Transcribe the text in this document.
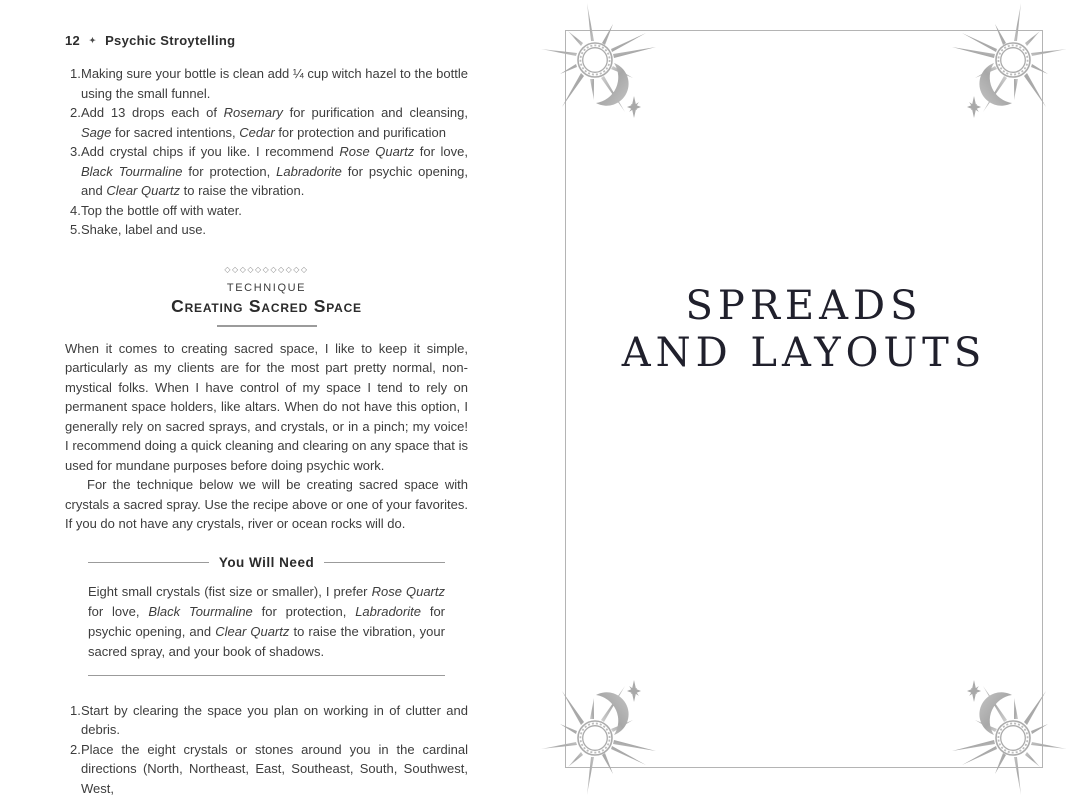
12 ✦ Psychic Stroytelling
1. Making sure your bottle is clean add ¼ cup witch hazel to the bottle using the small funnel.
2. Add 13 drops each of Rosemary for purification and cleansing, Sage for sacred intentions, Cedar for protection and purification
3. Add crystal chips if you like. I recommend Rose Quartz for love, Black Tourmaline for protection, Labradorite for psychic opening, and Clear Quartz to raise the vibration.
4. Top the bottle off with water.
5. Shake, label and use.
◇◇◇◇◇◇◇◇◇◇◇
TECHNIQUE
Creating Sacred Space

When it comes to creating sacred space, I like to keep it simple, particularly as my clients are for the most part pretty normal, non-mystical folks. When I have control of my space I tend to rely on permanent space holders, like altars. When do not have this option, I generally rely on sacred sprays, and crystals, or in a pinch; my voice! I recommend doing a quick cleaning and clearing on any space that is used for mundane purposes before doing psychic work.

For the technique below we will be creating sacred space with crystals a sacred spray. Use the recipe above or one of your favorites. If you do not have any crystals, river or ocean rocks will do.

You Will Need

Eight small crystals (fist size or smaller), I prefer Rose Quartz for love, Black Tourmaline for protection, Labradorite for psychic opening, and Clear Quartz to raise the vibration, your sacred spray, and your book of shadows.

1. Start by clearing the space you plan on working in of clutter and debris.
2. Place the eight crystals or stones around you in the cardinal directions (North, Northeast, East, Southeast, South, Southwest, West,
SPREADS
AND LAYOUTS
